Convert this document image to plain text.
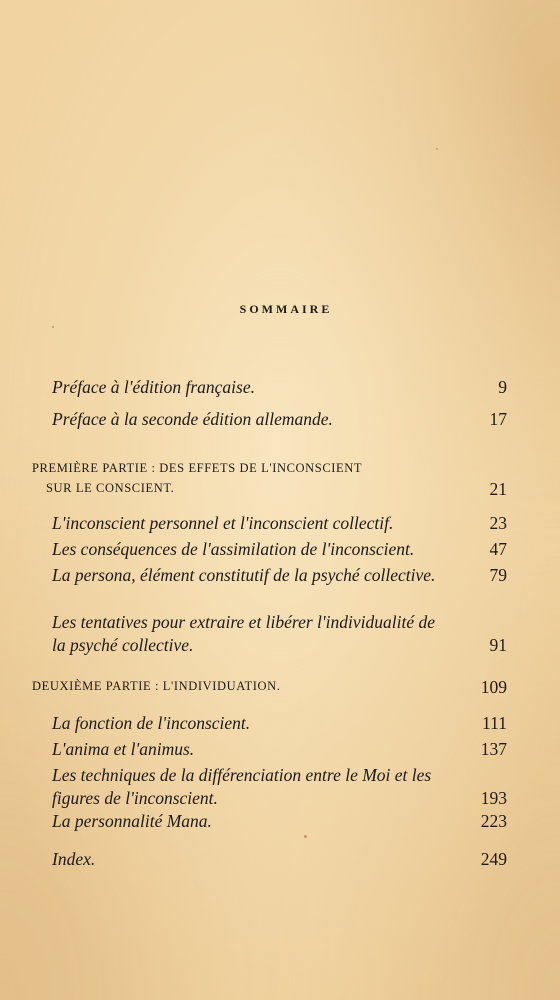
SOMMAIRE
Préface à l'édition française.	9
Préface à la seconde édition allemande.	17
PREMIÈRE PARTIE : DES EFFETS DE L'INCONSCIENT
SUR LE CONSCIENT.	21
L'inconscient personnel et l'inconscient collectif.	23
Les conséquences de l'assimilation de l'inconscient.	47
La persona, élément constitutif de la psyché collective.	79
Les tentatives pour extraire et libérer l'individualité de la psyché collective.	91
DEUXIÈME PARTIE : L'INDIVIDUATION.	109
La fonction de l'inconscient.	111
L'anima et l'animus.	137
Les techniques de la différenciation entre le Moi et les figures de l'inconscient.	193
La personnalité Mana.	223
Index.	249
